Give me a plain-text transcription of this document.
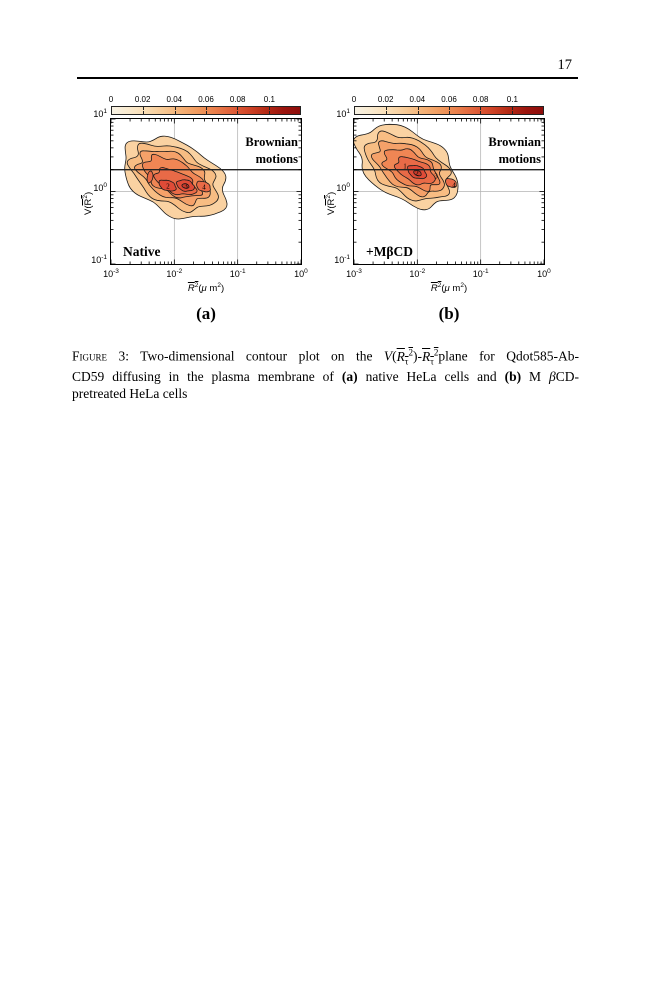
17
0	0.02 0.04 0.06 0.08 0.1
2 3 4
Brownian
motions
Native
$10^{-3}$	$10^{-2}$	$10^{-1}$	$10^0$
$10^1$
$10^0$
$10^{-1}$
$R^2(\mu$ $m^2$)
$V(R^2)$
0	0.02 0.04 0.06 0.08 0.1
1
2 3
4
Brownian
motions
+MβCD
$10^{-3}$	$10^{-2}$	$10^{-1}$	$10^0$
$10^1$
$10^0$
$10^{-1}$
$R^2(\mu$ $m^2$)
$V(R^2)$
(a)	(b)
Figure 3: Two-dimensional contour plot on the $V(R_\tau^2)-R_\tau^2plane$ for Qdot585-Ab-
CD59 diffusing in the plasma membrane of (a) native HeLa cells and (b) M βCD-
pretreated HeLa cells
